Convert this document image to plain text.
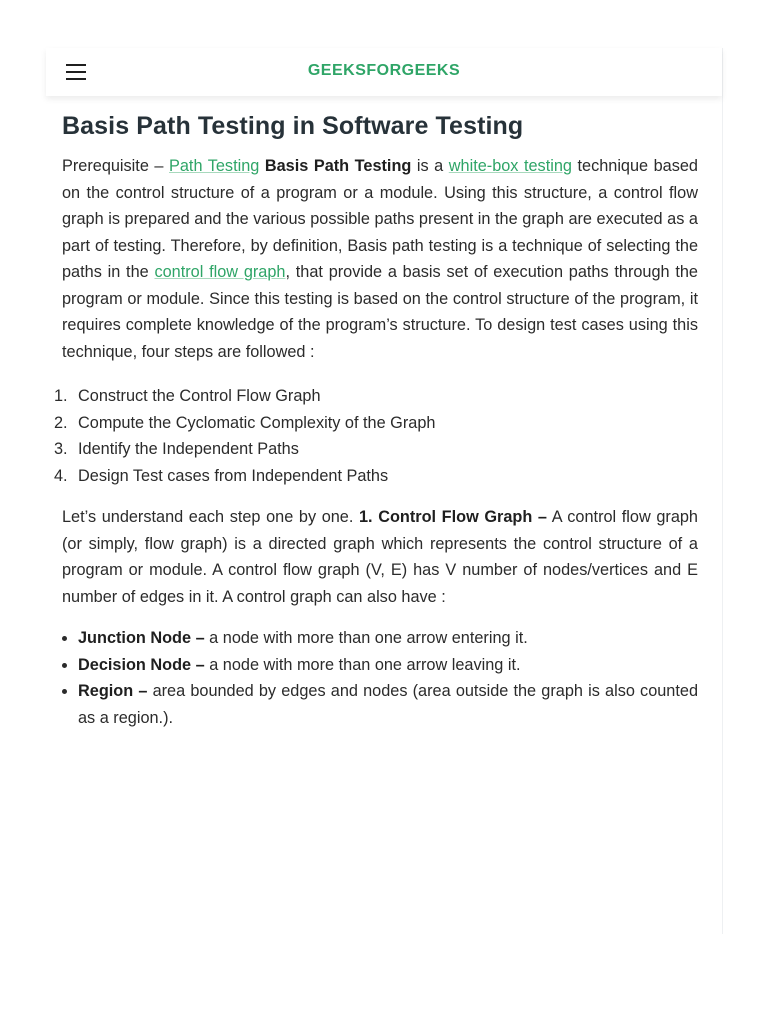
GEEKSFORGEEKS
Basis Path Testing in Software Testing

Prerequisite – Path Testing Basis Path Testing is a white-box testing technique based on the control structure of a program or a module. Using this structure, a control flow graph is prepared and the various possible paths present in the graph are executed as a part of testing. Therefore, by definition, Basis path testing is a technique of selecting the paths in the control flow graph, that provide a basis set of execution paths through the program or module. Since this testing is based on the control structure of the program, it requires complete knowledge of the program’s structure. To design test cases using this technique, four steps are followed :

1. Construct the Control Flow Graph
2. Compute the Cyclomatic Complexity of the Graph
3. Identify the Independent Paths
4. Design Test cases from Independent Paths

Let’s understand each step one by one. 1. Control Flow Graph – A control flow graph (or simply, flow graph) is a directed graph which represents the control structure of a program or module. A control flow graph (V, E) has V number of nodes/vertices and E number of edges in it. A control graph can also have :

Junction Node – a node with more than one arrow entering it.
Decision Node – a node with more than one arrow leaving it.
Region – area bounded by edges and nodes (area outside the graph is also counted as a region.).
